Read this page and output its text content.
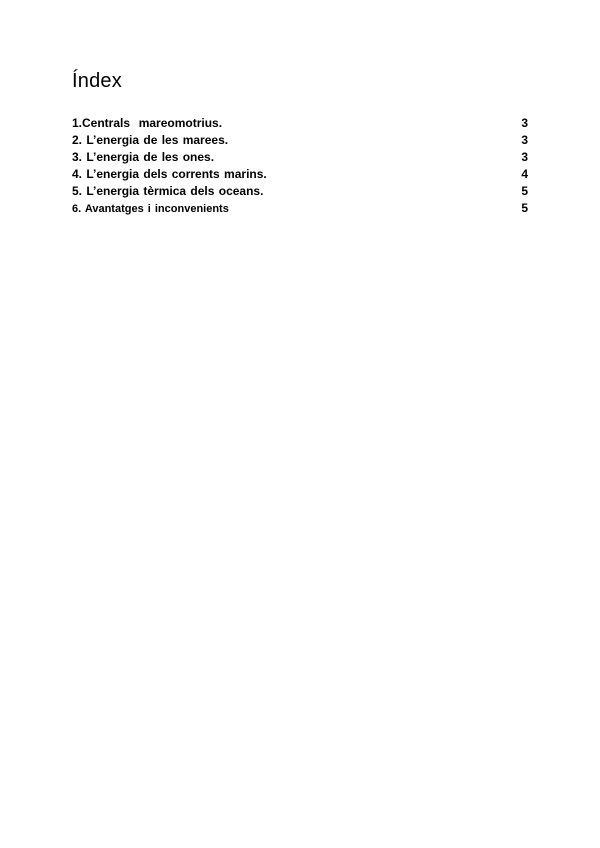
Índex
1.Centrals  mareomotrius.	3
2. L’energia de les marees.	3
3. L’energia de les ones.	3
4. L’energia dels corrents marins.	4
5. L’energia tèrmica dels oceans.	5
6. Avantatges i inconvenients	5
